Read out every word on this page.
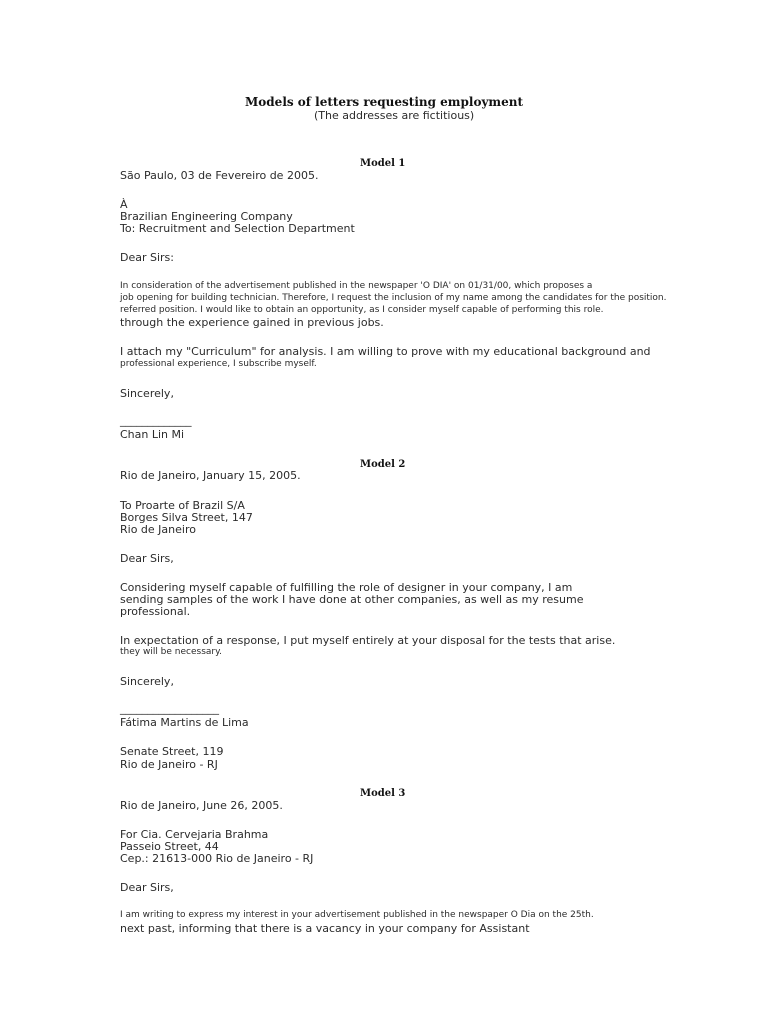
Models of letters requesting employment
(The addresses are fictitious)
Model 1
São Paulo, 03 de Fevereiro de 2005.
À
Brazilian Engineering Company
To: Recruitment and Selection Department
Dear Sirs:
In consideration of the advertisement published in the newspaper 'O DIA' on 01/31/00, which proposes a
job opening for building technician. Therefore, I request the inclusion of my name among the candidates for the position.
referred position. I would like to obtain an opportunity, as I consider myself capable of performing this role.
through the experience gained in previous jobs.
I attach my "Curriculum" for analysis. I am willing to prove with my educational background and
professional experience, I subscribe myself.
Sincerely,
_____________
Chan Lin Mi
Model 2
Rio de Janeiro, January 15, 2005.
To Proarte of Brazil S/A
Borges Silva Street, 147
Rio de Janeiro
Dear Sirs,
Considering myself capable of fulfilling the role of designer in your company, I am
sending samples of the work I have done at other companies, as well as my resume
professional.
In expectation of a response, I put myself entirely at your disposal for the tests that arise.
they will be necessary.
Sincerely,
__________________
Fátima Martins de Lima
Senate Street, 119
Rio de Janeiro - RJ
Model 3
Rio de Janeiro, June 26, 2005.
For Cia. Cervejaria Brahma
Passeio Street, 44
Cep.: 21613-000 Rio de Janeiro - RJ
Dear Sirs,
I am writing to express my interest in your advertisement published in the newspaper O Dia on the 25th.
next past, informing that there is a vacancy in your company for Assistant
